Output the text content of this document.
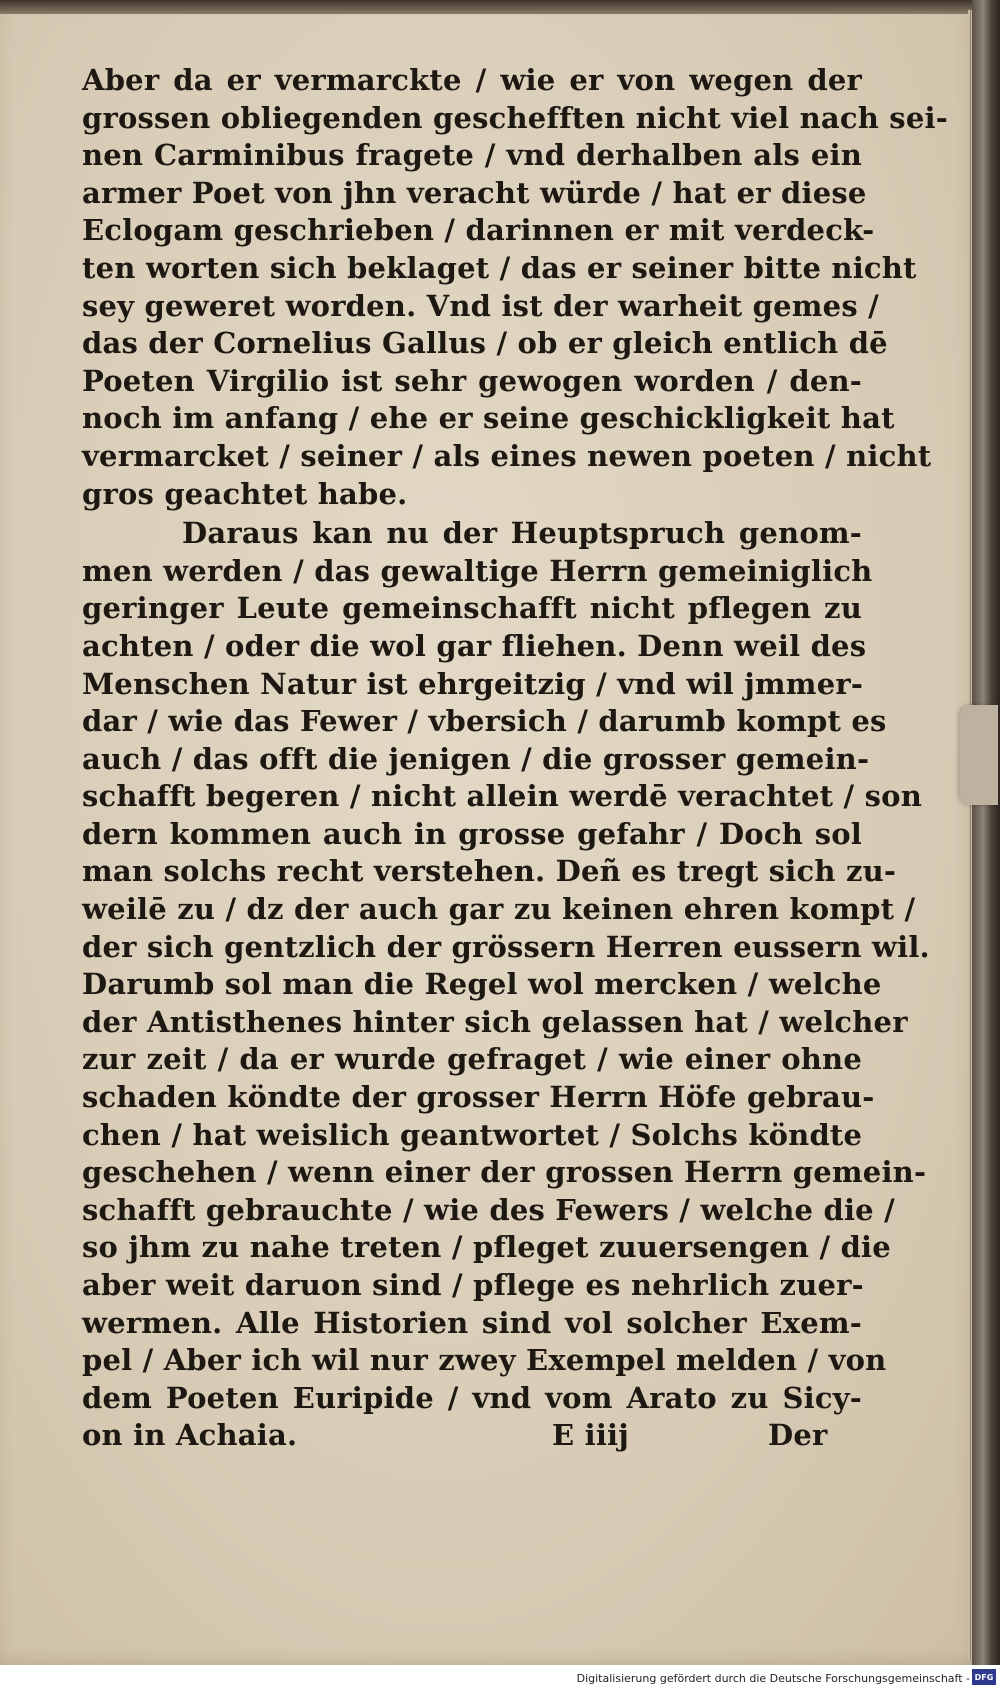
Aber da er vermarckte / wie er von wegen der
grossen obliegenden geschefften nicht viel nach sei-
nen Carminibus fragete / vnd derhalben als ein
armer Poet von jhn veracht würde / hat er diese
Eclogam geschrieben / darinnen er mit verdeck-
ten worten sich beklaget / das er seiner bitte nicht
sey geweret worden. Vnd ist der warheit gemes /
das der Cornelius Gallus / ob er gleich entlich dē
Poeten Virgilio ist sehr gewogen worden / den-
noch im anfang / ehe er seine geschickligkeit hat
vermarcket / seiner / als eines newen poeten / nicht
gros geachtet habe.
Daraus kan nu der Heuptspruch genom-
men werden / das gewaltige Herrn gemeiniglich
geringer Leute gemeinschafft nicht pflegen zu
achten / oder die wol gar fliehen. Denn weil des
Menschen Natur ist ehrgeitzig / vnd wil jmmer-
dar / wie das Fewer / vbersich / darumb kompt es
auch / das offt die jenigen / die grosser gemein-
schafft begeren / nicht allein werdē verachtet / son
dern kommen auch in grosse gefahr / Doch sol
man solchs recht verstehen. Deñ es tregt sich zu-
weilē zu / dz der auch gar zu keinen ehren kompt /
der sich gentzlich der grössern Herren eussern wil.
Darumb sol man die Regel wol mercken / welche
der Antisthenes hinter sich gelassen hat / welcher
zur zeit / da er wurde gefraget / wie einer ohne
schaden köndte der grosser Herrn Höfe gebrau-
chen / hat weislich geantwortet / Solchs köndte
geschehen / wenn einer der grossen Herrn gemein-
schafft gebrauchte / wie des Fewers / welche die /
so jhm zu nahe treten / pfleget zuuersengen / die
aber weit daruon sind / pflege es nehrlich zuer-
wermen. Alle Historien sind vol solcher Exem-
pel / Aber ich wil nur zwey Exempel melden / von
dem Poeten Euripide / vnd vom Arato zu Sicy-
on in Achaia.	E iiij	Der
Digitalisierung gefördert durch die Deutsche Forschungsgemeinschaft - DFG
